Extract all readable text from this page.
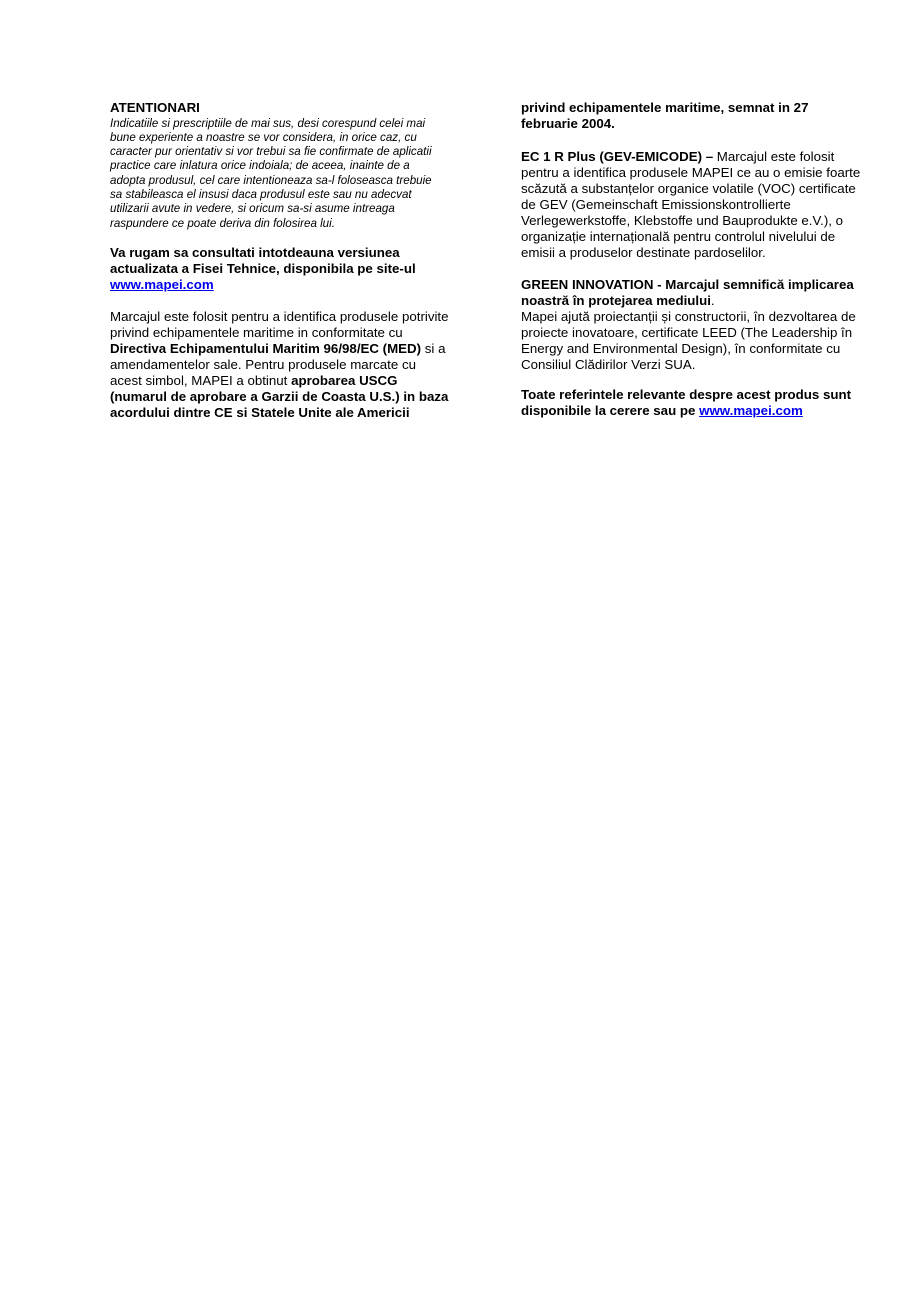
ATENTIONARI
Indicatiile si prescriptiile de mai sus, desi corespund celei mai
bune experiente a noastre se vor considera, in orice caz, cu
caracter pur orientativ si vor trebui sa fie confirmate de aplicatii
practice care inlatura orice indoiala; de aceea, inainte de a
adopta produsul, cel care intentioneaza sa-l foloseasca trebuie
sa stabileasca el insusi daca produsul este sau nu adecvat
utilizarii avute in vedere, si oricum sa-si asume intreaga
raspundere ce poate deriva din folosirea lui.
Va rugam sa consultati intotdeauna versiunea
actualizata a Fisei Tehnice, disponibila pe site-ul
www.mapei.com
Marcajul este folosit pentru a identifica produsele potrivite
privind echipamentele maritime in conformitate cu
Directiva Echipamentului Maritim 96/98/EC (MED) si a
amendamentelor sale. Pentru produsele marcate cu
acest simbol, MAPEI a obtinut aprobarea USCG
(numarul de aprobare a Garzii de Coasta U.S.) in baza
acordului dintre CE si Statele Unite ale Americii
privind echipamentele maritime, semnat in 27
februarie 2004.
EC 1 R Plus (GEV-EMICODE) – Marcajul este folosit
pentru a identifica produsele MAPEI ce au o emisie foarte
scăzută a substanțelor organice volatile (VOC) certificate
de GEV (Gemeinschaft Emissionskontrollierte
Verlegewerkstoffe, Klebstoffe und Bauprodukte e.V.), o
organizație internațională pentru controlul nivelului de
emisii a produselor destinate pardoselilor.
GREEN INNOVATION - Marcajul semnifică implicarea
noastră în protejarea mediului.
Mapei ajută proiectanții și constructorii, în dezvoltarea de
proiecte inovatoare, certificate LEED (The Leadership în
Energy and Environmental Design), în conformitate cu
Consiliul Clădirilor Verzi SUA.
Toate referintele relevante despre acest produs sunt
disponibile la cerere sau pe www.mapei.com
